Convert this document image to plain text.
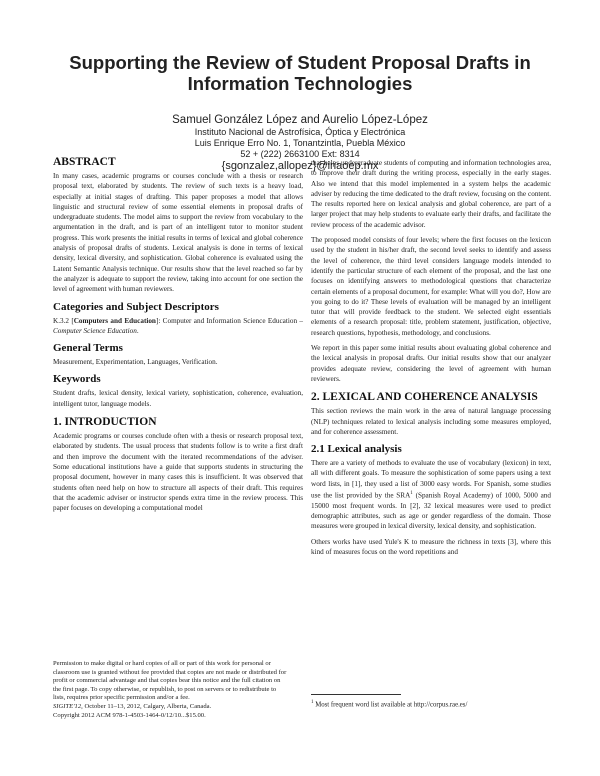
Supporting the Review of Student Proposal Drafts in Information Technologies
Samuel González López and Aurelio López-López
Instituto Nacional de Astrofísica, Óptica y Electrónica
Luis Enrique Erro No. 1, Tonantzintla, Puebla México
52 + (222) 2663100 Ext: 8314
{sgonzalez,allopez}@inaoep.mx
ABSTRACT

In many cases, academic programs or courses conclude with a thesis or research proposal text, elaborated by students. The review of such texts is a heavy load, especially at initial stages of drafting. This paper proposes a model that allows linguistic and structural review of some essential elements in proposal drafts of undergraduate students. The model aims to support the review from vocabulary to the argumentation in the draft, and is part of an intelligent tutor to monitor student progress. This work presents the initial results in terms of lexical and global coherence analysis of proposal drafts of students. Lexical analysis is done in terms of lexical density, lexical diversity, and sophistication. Global coherence is evaluated using the Latent Semantic Analysis technique. Our results show that the level reached so far by the analyzer is adequate to support the review, taking into account for one section the level of agreement with human reviewers.

Categories and Subject Descriptors

K.3.2 [Computers and Education]: Computer and Information Science Education – Computer Science Education.

General Terms

Measurement, Experimentation, Languages, Verification.

Keywords

Student drafts, lexical density, lexical variety, sophistication, coherence, evaluation, intelligent tutor, language models.

1. INTRODUCTION

Academic programs or courses conclude often with a thesis or research proposal text, elaborated by students. The usual process that students follow is to write a first draft and then improve the document with the iterated recommendations of the adviser. Some educational institutions have a guide that supports students in structuring the proposal document, however in many cases this is insufficient. It was observed that students often need help on how to structure all aspects of their draft. This requires that the academic adviser or instructor spends extra time in the review process. This paper focuses on developing a computational model

Permission to make digital or hard copies of all or part of this work for personal or classroom use is granted without fee provided that copies are not made or distributed for profit or commercial advantage and that copies bear this notice and the full citation on the first page. To copy otherwise, or republish, to post on servers or to redistribute to lists, requires prior specific permission and/or a fee.

SIGITE'12, October 11–13, 2012, Calgary, Alberta, Canada.

Copyright 2012 ACM 978-1-4503-1464-0/12/10...$15.00.

that helps undergraduate students of computing and information technologies area, to improve their draft during the writing process, especially in the early stages. Also we intend that this model implemented in a system helps the academic adviser by reducing the time dedicated to the draft review, focusing on the content. The results reported here on lexical analysis and global coherence, are part of a larger project that may help students to evaluate early their drafts, and facilitate the review process of the academic advisor.

The proposed model consists of four levels; where the first focuses on the lexicon used by the student in his/her draft, the second level seeks to identify and assess the level of coherence, the third level considers language models intended to identify the particular structure of each element of the proposal, and the last one focuses on identifying answers to methodological questions that characterize certain elements of a proposal document, for example: What will you do?, How are you going to do it? These levels of evaluation will be managed by an intelligent tutor that will provide feedback to the student. We selected eight essentials elements of a research proposal: title, problem statement, justification, objective, research questions, hypothesis, methodology, and conclusions.

We report in this paper some initial results about evaluating global coherence and the lexical analysis in proposal drafts. Our initial results show that our analyzer provides adequate review, considering the level of agreement with human reviewers.

2. LEXICAL AND COHERENCE ANALYSIS

This section reviews the main work in the area of natural language processing (NLP) techniques related to lexical analysis including some measures employed, and for coherence assessment.

2.1 Lexical analysis

There are a variety of methods to evaluate the use of vocabulary (lexicon) in text, all with different goals. To measure the sophistication of some papers using a text word lists, in [1], they used a list of 3000 easy words. For Spanish, some studies use the list provided by the SRA$^1$ (Spanish Royal Academy) of 1000, 5000 and 15000 most frequent words. In [2], 32 lexical measures were used to predict demographic attributes, such as age or gender regardless of the domain. Those measures were grouped in lexical diversity, lexical density, and sophistication.

Others works have used Yule's K to measure the richness in texts [3], where this kind of measures focus on the word repetitions and

$^1$ Most frequent word list available at http://corpus.rae.es/
